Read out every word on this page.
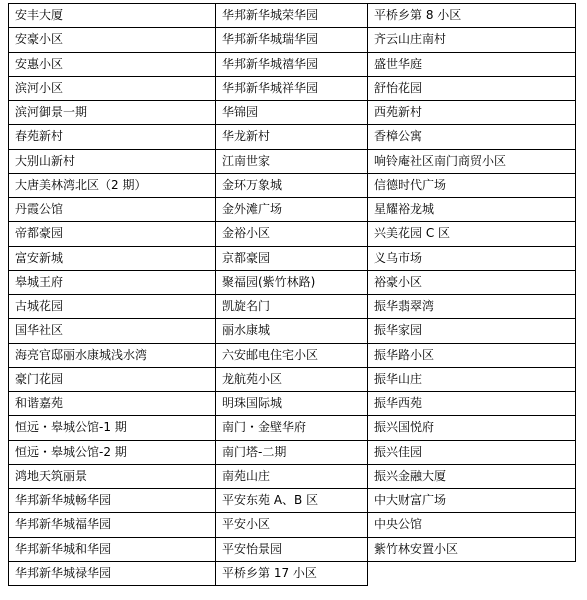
安丰大厦	华邦新华城荣华园	平桥乡第 8 小区
安豪小区	华邦新华城瑞华园	齐云山庄南村
安惠小区	华邦新华城禧华园	盛世华庭
滨河小区	华邦新华城祥华园	舒怡花园
滨河御景一期	华锦园	西苑新村
春苑新村	华龙新村	香樟公寓
大别山新村	江南世家	响铃庵社区南门商贸小区
大唐美林湾北区（2 期）	金环万象城	信德时代广场
丹霞公馆	金外滩广场	星耀裕龙城
帝都豪园	金裕小区	兴美花园 C 区
富安新城	京都豪园	义乌市场
皋城王府	聚福园(紫竹林路)	裕豪小区
古城花园	凯旋名门	振华翡翠湾
国华社区	丽水康城	振华家园
海亮官邸丽水康城浅水湾	六安邮电住宅小区	振华路小区
豪门花园	龙航苑小区	振华山庄
和谐嘉苑	明珠国际城	振华西苑
恒远・皋城公馆-1 期	南门・金壁华府	振兴国悦府
恒远・皋城公馆-2 期	南门塔-二期	振兴佳园
鸿地天筑丽景	南苑山庄	振兴金融大厦
华邦新华城畅华园	平安东苑 A、B 区	中大财富广场
华邦新华城福华园	平安小区	中央公馆
华邦新华城和华园	平安怡景园	紫竹林安置小区
华邦新华城禄华园	平桥乡第 17 小区	
